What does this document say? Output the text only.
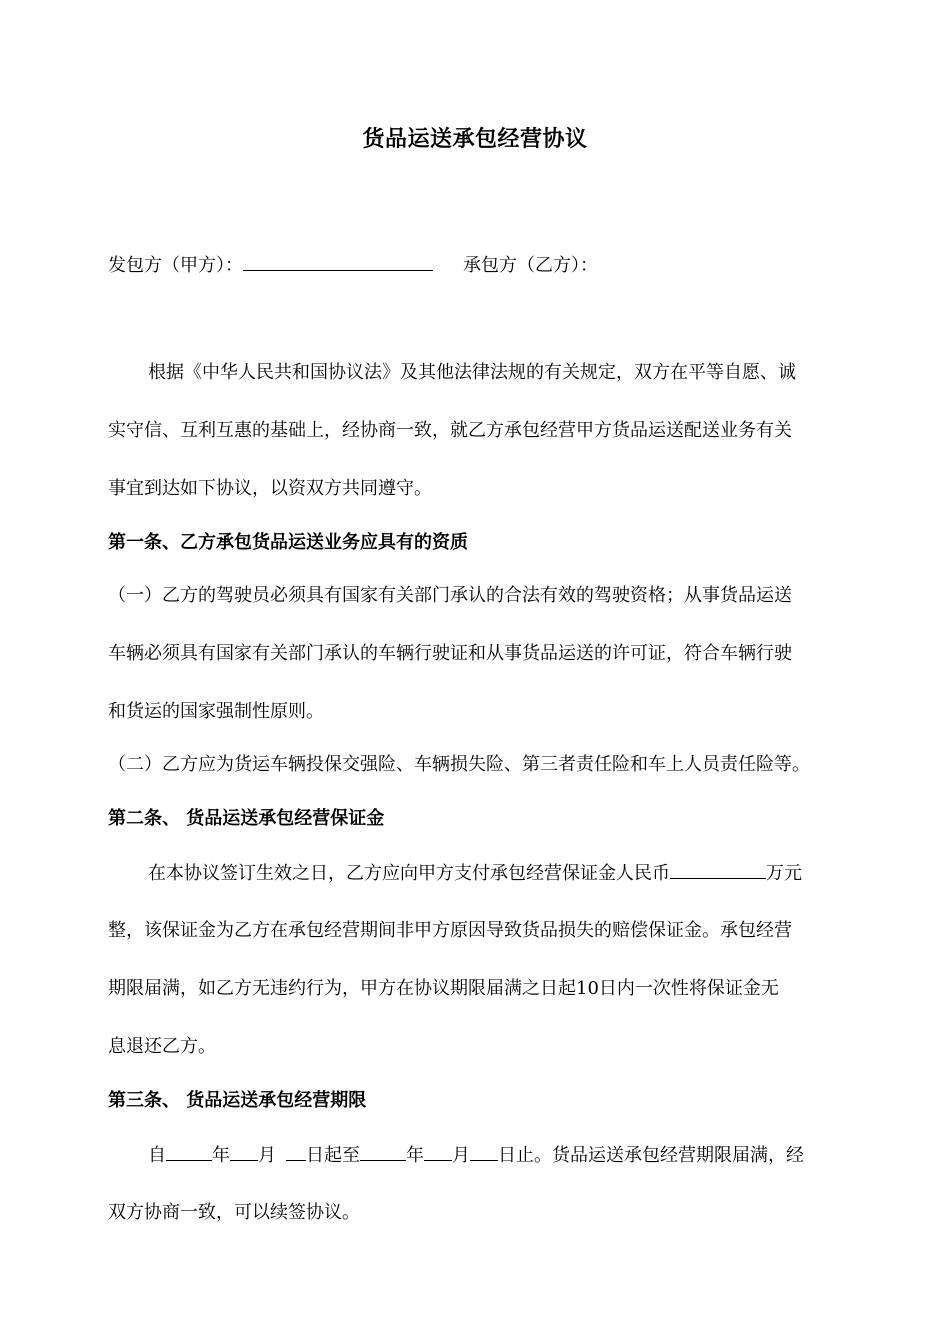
货品运送承包经营协议
发包方（甲方）：	承包方（乙方）：
根据《中华人民共和国协议法》及其他法律法规的有关规定，双方在平等自愿、诚
实守信、互利互惠的基础上，经协商一致，就乙方承包经营甲方货品运送配送业务有关
事宜到达如下协议，以资双方共同遵守。
第一条、乙方承包货品运送业务应具有的资质
（一）乙方的驾驶员必须具有国家有关部门承认的合法有效的驾驶资格；从事货品运送
车辆必须具有国家有关部门承认的车辆行驶证和从事货品运送的许可证，符合车辆行驶
和货运的国家强制性原则。
（二）乙方应为货运车辆投保交强险、车辆损失险、第三者责任险和车上人员责任险等。
第二条、 货品运送承包经营保证金
在本协议签订生效之日，乙方应向甲方支付承包经营保证金人民币	万元
整，该保证金为乙方在承包经营期间非甲方原因导致货品损失的赔偿保证金。承包经营
期限届满，如乙方无违约行为，甲方在协议期限届满之日起10日内一次性将保证金无
息退还乙方。
第三条、 货品运送承包经营期限
自	年 月 日起至	年 月 日止。货品运送承包经营期限届满，经
双方协商一致，可以续签协议。
